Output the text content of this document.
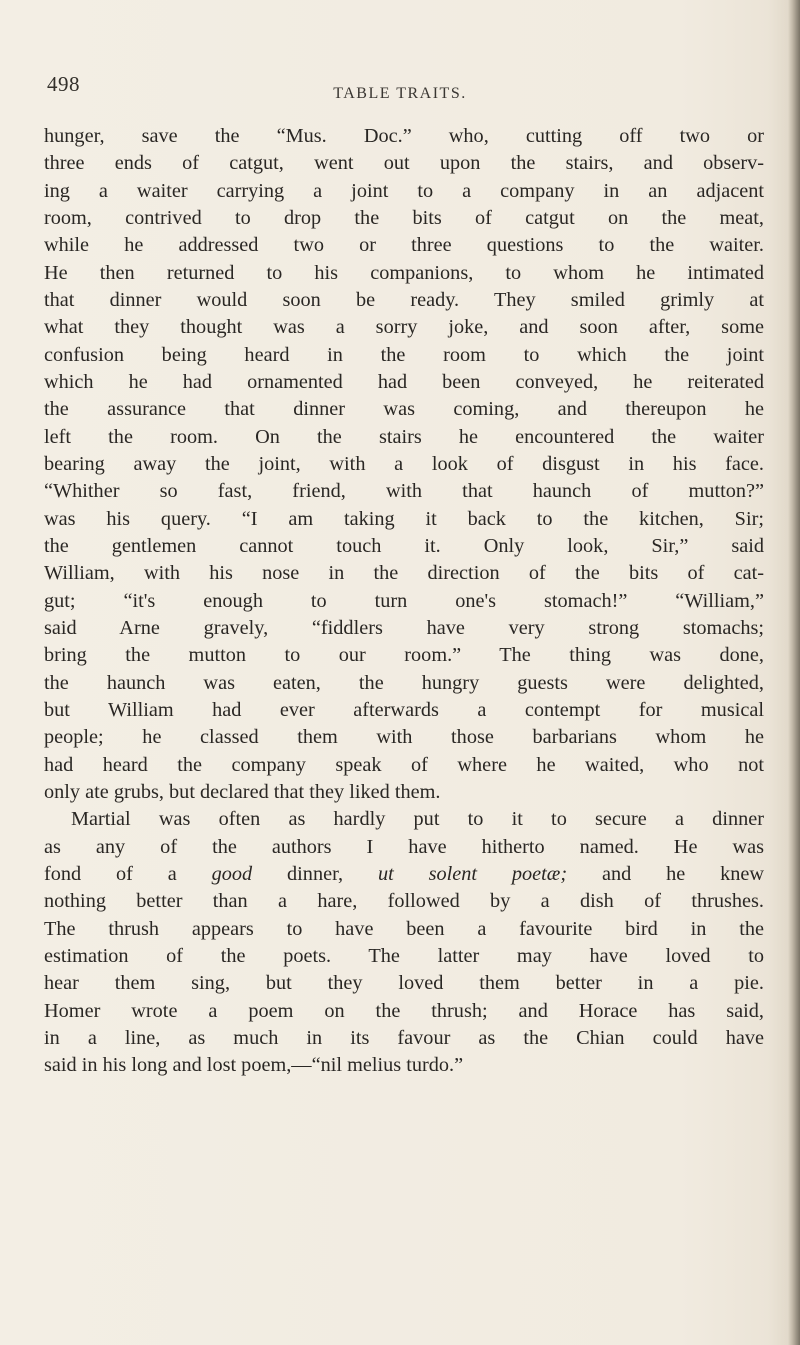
498	TABLE TRAITS.
hunger, save the “Mus. Doc.” who, cutting off two or
three ends of catgut, went out upon the stairs, and observ-
ing a waiter carrying a joint to a company in an adjacent
room, contrived to drop the bits of catgut on the meat,
while he addressed two or three questions to the waiter.
He then returned to his companions, to whom he intimated
that dinner would soon be ready. They smiled grimly at
what they thought was a sorry joke, and soon after, some
confusion being heard in the room to which the joint
which he had ornamented had been conveyed, he reiterated
the assurance that dinner was coming, and thereupon he
left the room. On the stairs he encountered the waiter
bearing away the joint, with a look of disgust in his face.
“Whither so fast, friend, with that haunch of mutton?”
was his query. “I am taking it back to the kitchen, Sir;
the gentlemen cannot touch it. Only look, Sir,” said
William, with his nose in the direction of the bits of cat-
gut; “it's enough to turn one's stomach!” “William,”
said Arne gravely, “fiddlers have very strong stomachs;
bring the mutton to our room.” The thing was done,
the haunch was eaten, the hungry guests were delighted,
but William had ever afterwards a contempt for musical
people; he classed them with those barbarians whom he
had heard the company speak of where he waited, who not
only ate grubs, but declared that they liked them.
Martial was often as hardly put to it to secure a dinner
as any of the authors I have hitherto named. He was
fond of a good dinner, ut solent poetæ; and he knew
nothing better than a hare, followed by a dish of thrushes.
The thrush appears to have been a favourite bird in the
estimation of the poets. The latter may have loved to
hear them sing, but they loved them better in a pie.
Homer wrote a poem on the thrush; and Horace has said,
in a line, as much in its favour as the Chian could have
said in his long and lost poem,—“nil melius turdo.”
